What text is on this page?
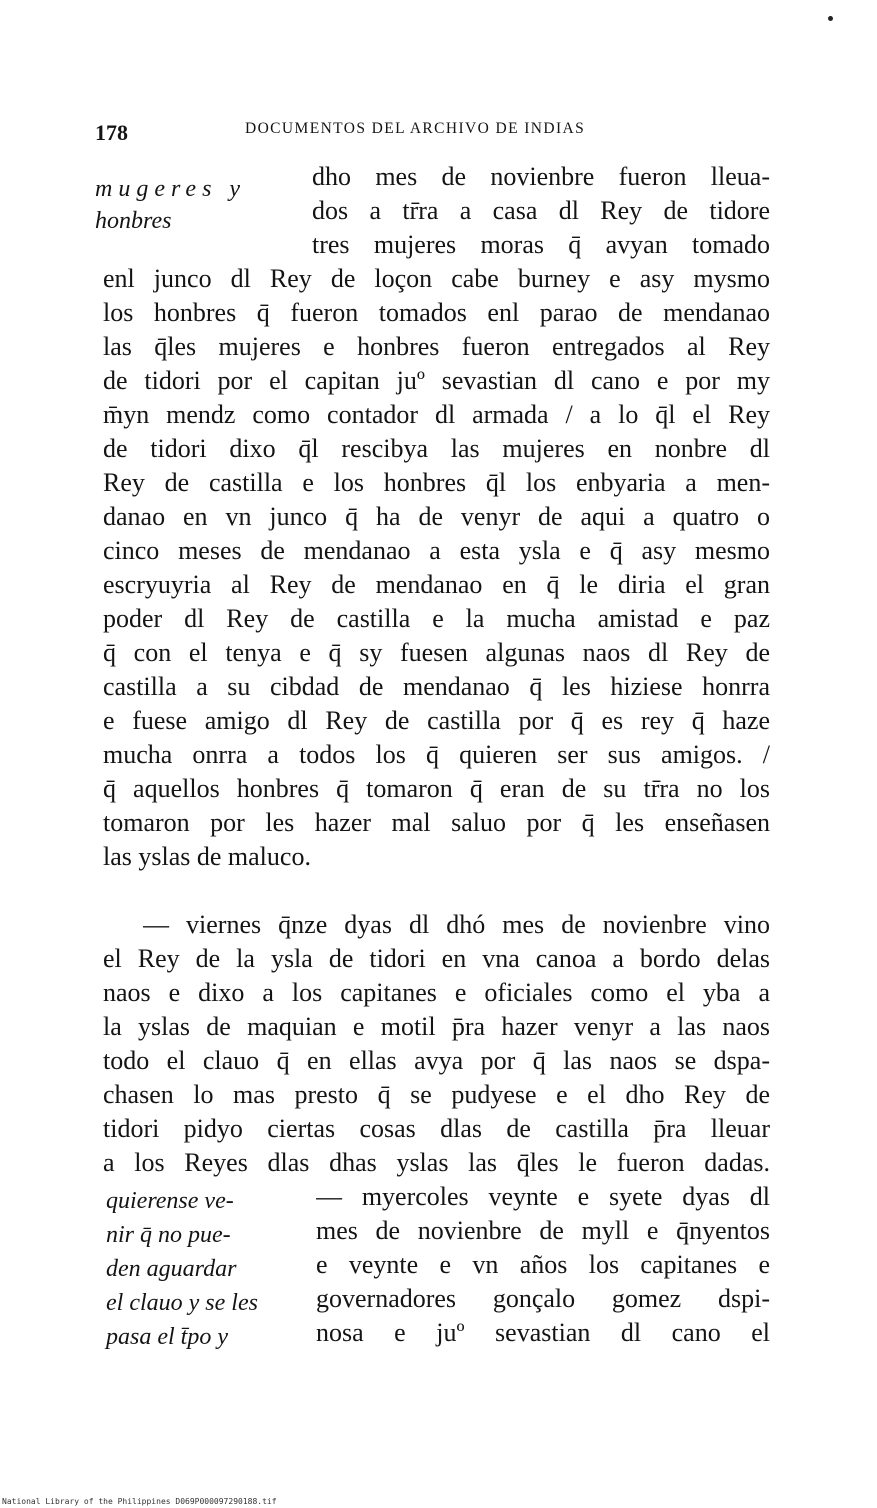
178	DOCUMENTOS DEL ARCHIVO DE INDIAS
mugeres y
honbres
dho mes de novienbre fueron lleua-
dos a tr̄ra a casa dl Rey de tidore
tres mujeres moras q̄ avyan tomado
enl junco dl Rey de loçon cabe burney e asy mysmo
los honbres q̄ fueron tomados enl parao de mendanao
las q̄les mujeres e honbres fueron entregados al Rey
de tidori por el capitan juº sevastian dl cano e por my
m̄yn mendz como contador dl armada / a lo q̄l el Rey
de tidori dixo q̄l rescibya las mujeres en nonbre dl
Rey de castilla e los honbres q̄l los enbyaria a men-
danao en vn junco q̄ ha de venyr de aqui a quatro o
cinco meses de mendanao a esta ysla e q̄ asy mesmo
escryuyria al Rey de mendanao en q̄ le diria el gran
poder dl Rey de castilla e la mucha amistad e paz
q̄ con el tenya e q̄ sy fuesen algunas naos dl Rey de
castilla a su cibdad de mendanao q̄ les hiziese honrra
e fuese amigo dl Rey de castilla por q̄ es rey q̄ haze
mucha onrra a todos los q̄ quieren ser sus amigos. /
q̄ aquellos honbres q̄ tomaron q̄ eran de su tr̄ra no los
tomaron por les hazer mal saluo por q̄ les enseñasen
las yslas de maluco.
— viernes q̄nze dyas dl dhó mes de novienbre vino
el Rey de la ysla de tidori en vna canoa a bordo delas
naos e dixo a los capitanes e oficiales como el yba a
la yslas de maquian e motil p̄ra hazer venyr a las naos
todo el clauo q̄ en ellas avya por q̄ las naos se dspa-
chasen lo mas presto q̄ se pudyese e el dho Rey de
tidori pidyo ciertas cosas dlas de castilla p̄ra lleuar
a los Reyes dlas dhas yslas las q̄les le fueron dadas.
— myercoles veynte e syete dyas dl
mes de novienbre de myll e q̄nyentos
e veynte e vn años los capitanes e
governadores gonçalo gomez dspi-
nosa e juº sevastian dl cano el
quierense ve-
nir q̄ no pue-
den aguardar
el clauo y se les
pasa el t̄po y
National Library of the Philippines D069P000097290188.tif
